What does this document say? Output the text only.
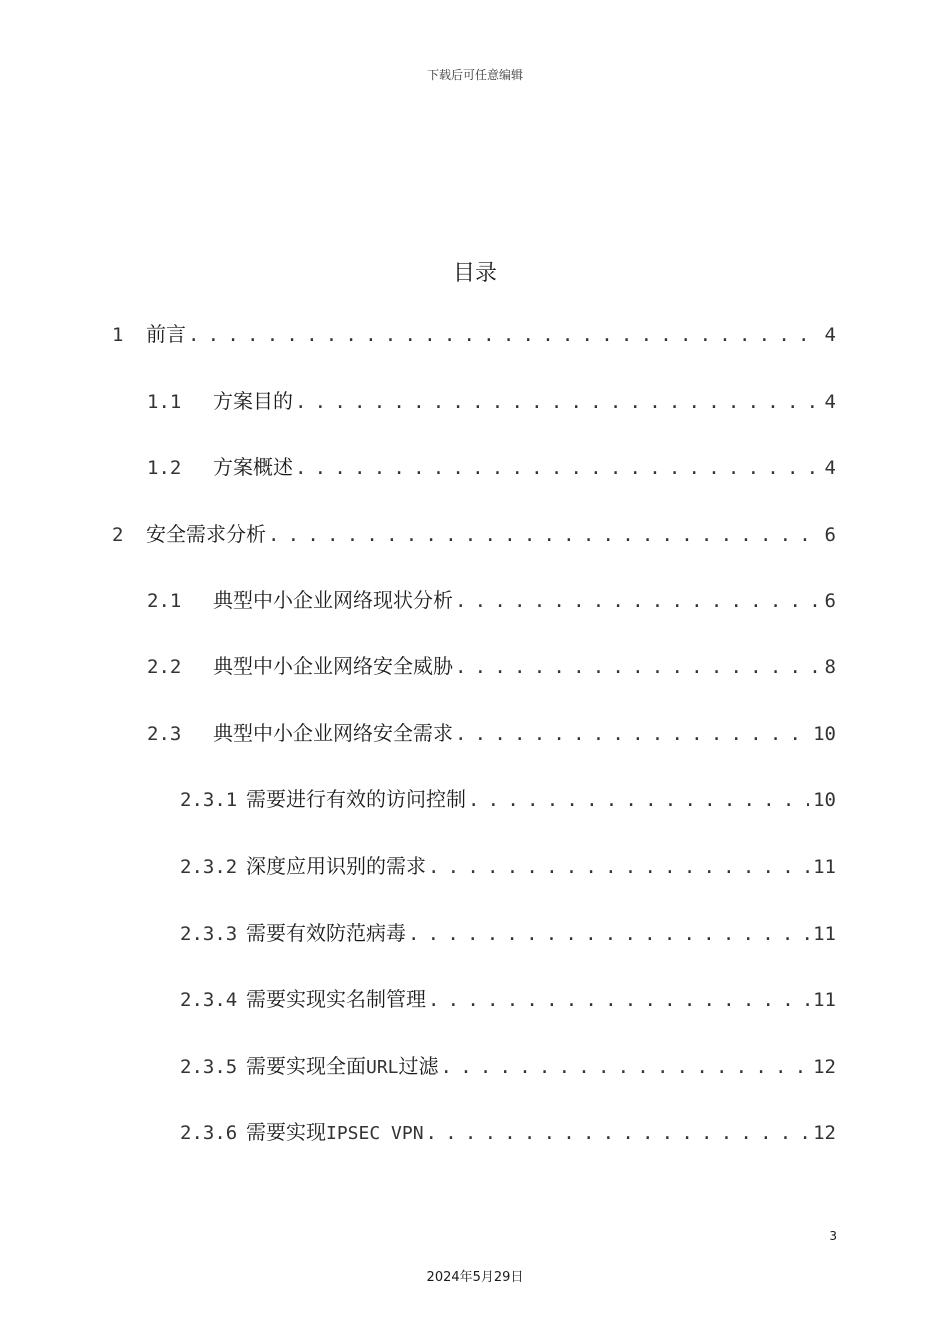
下载后可任意编辑
目录
1	前言 . . .	4
1.1	方案目的 . . .	4
1.2	方案概述 . . .	4
2	安全需求分析 . . .	6
2.1	典型中小企业网络现状分析 . . .	6
2.2	典型中小企业网络安全威胁 . . .	8
2.3	典型中小企业网络安全需求 . . .	10
2.3.1 需要进行有效的访问控制 . . .	10
2.3.2 深度应用识别的需求 . . .	11
2.3.3 需要有效防范病毒 . . .	11
2.3.4 需要实现实名制管理 . . .	11
2.3.5 需要实现全面URL过滤 . . .	12
2.3.6 需要实现IPSEC VPN . . .	12
3
2024年5月29日
